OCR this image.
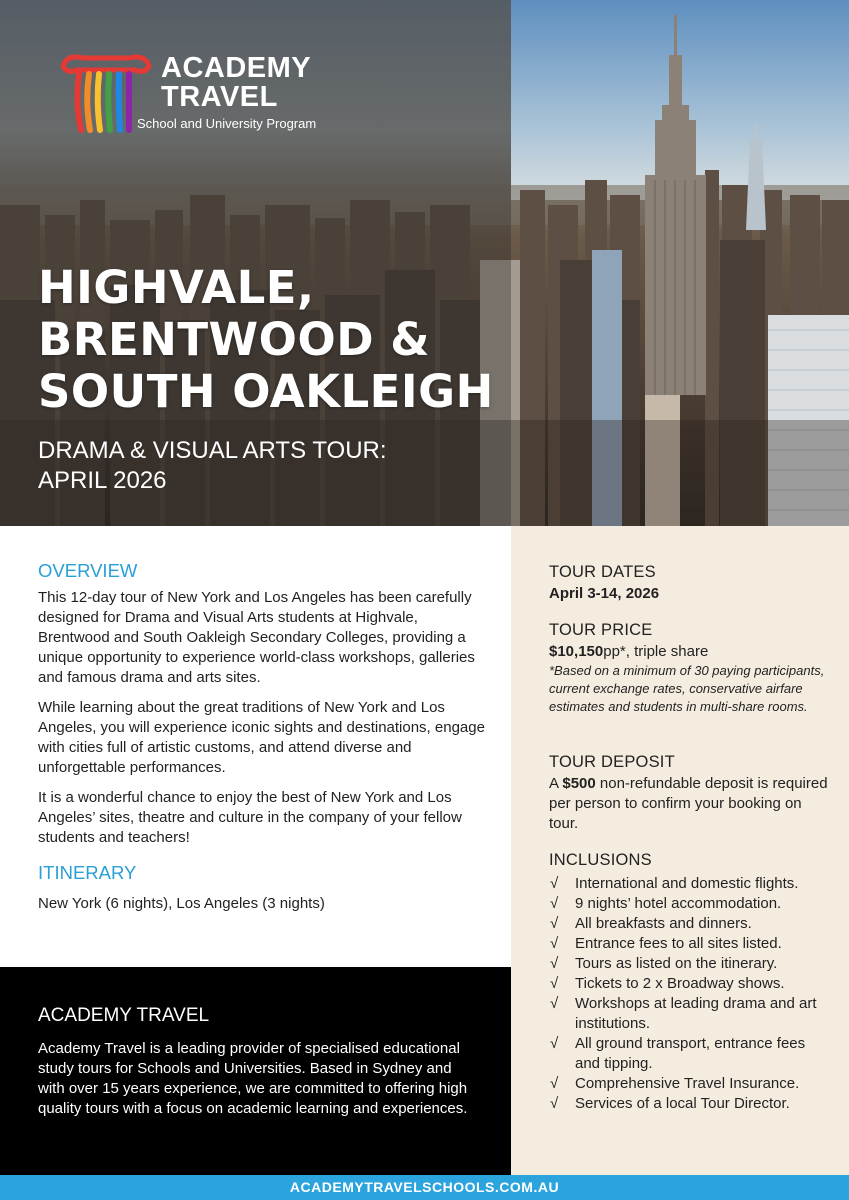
ACADEMY
TRAVEL
School and University Program
HIGHVALE,
BRENTWOOD &
SOUTH OAKLEIGH
DRAMA & VISUAL ARTS TOUR:
APRIL 2026
OVERVIEW

This 12-day tour of New York and Los Angeles has been carefully designed for Drama and Visual Arts students at Highvale, Brentwood and South Oakleigh Secondary Colleges, providing a unique opportunity to experience world-class workshops, galleries and famous drama and arts sites.

While learning about the great traditions of New York and Los Angeles, you will experience iconic sights and destinations, engage with cities full of artistic customs, and attend diverse and unforgettable performances.

It is a wonderful chance to enjoy the best of New York and Los Angeles’ sites, theatre and culture in the company of your fellow students and teachers!

ITINERARY

New York (6 nights), Los Angeles (3 nights)

ACADEMY TRAVEL

Academy Travel is a leading provider of specialised educational study tours for Schools and Universities. Based in Sydney and with over 15 years experience, we are committed to offering high quality tours with a focus on academic learning and experiences.

TOUR DATES

April 3-14, 2026

TOUR PRICE

$10,150pp*, triple share

*Based on a minimum of 30 paying participants, current exchange rates, conservative airfare estimates and students in multi-share rooms.

TOUR DEPOSIT

A $500 non-refundable deposit is required per person to confirm your booking on tour.

INCLUSIONS
√ International and domestic flights.
√ 9 nights’ hotel accommodation.
√ All breakfasts and dinners.
√ Entrance fees to all sites listed.
√ Tours as listed on the itinerary.
√ Tickets to 2 x Broadway shows.
√ Workshops at leading drama and art institutions.
√ All ground transport, entrance fees and tipping.
√ Comprehensive Travel Insurance.
√ Services of a local Tour Director.
ACADEMYTRAVELSCHOOLS.COM.AU
